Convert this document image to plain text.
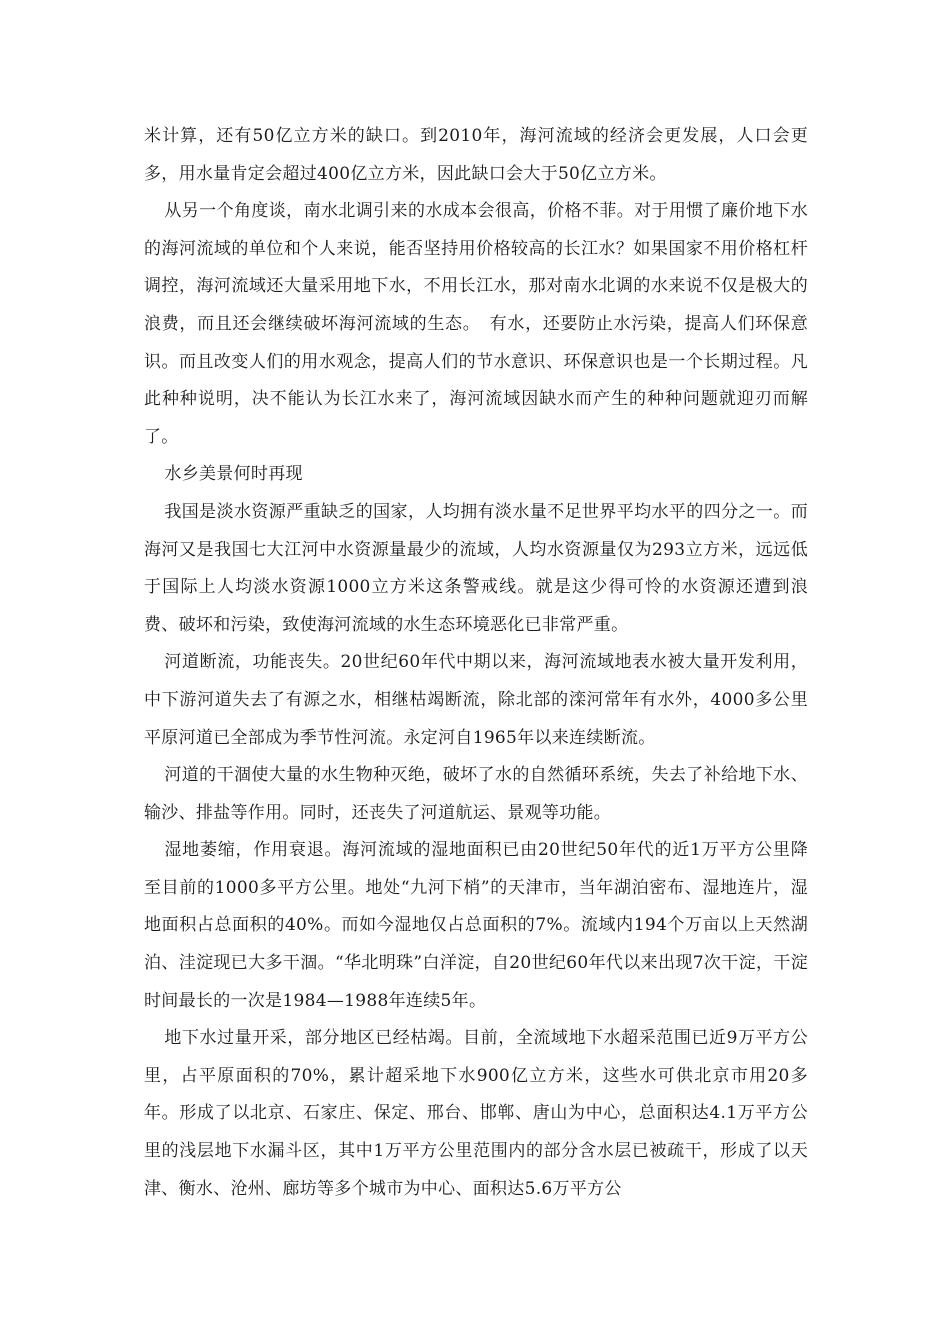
米计算，还有50亿立方米的缺口。到2010年，海河流域的经济会更发展，人口会更多，用水量肯定会超过400亿立方米，因此缺口会大于50亿立方米。

从另一个角度谈，南水北调引来的水成本会很高，价格不菲。对于用惯了廉价地下水的海河流域的单位和个人来说，能否坚持用价格较高的长江水？如果国家不用价格杠杆调控，海河流域还大量采用地下水，不用长江水，那对南水北调的水来说不仅是极大的浪费，而且还会继续破坏海河流域的生态。　有水，还要防止水污染，提高人们环保意识。而且改变人们的用水观念，提高人们的节水意识、环保意识也是一个长期过程。凡此种种说明，决不能认为长江水来了，海河流域因缺水而产生的种种问题就迎刃而解了。

水乡美景何时再现

我国是淡水资源严重缺乏的国家，人均拥有淡水量不足世界平均水平的四分之一。而海河又是我国七大江河中水资源量最少的流域，人均水资源量仅为293立方米，远远低于国际上人均淡水资源1000立方米这条警戒线。就是这少得可怜的水资源还遭到浪费、破坏和污染，致使海河流域的水生态环境恶化已非常严重。

河道断流，功能丧失。20世纪60年代中期以来，海河流域地表水被大量开发利用，中下游河道失去了有源之水，相继枯竭断流，除北部的滦河常年有水外，4000多公里平原河道已全部成为季节性河流。永定河自1965年以来连续断流。

河道的干涸使大量的水生物种灭绝，破坏了水的自然循环系统，失去了补给地下水、输沙、排盐等作用。同时，还丧失了河道航运、景观等功能。

湿地萎缩，作用衰退。海河流域的湿地面积已由20世纪50年代的近1万平方公里降至目前的1000多平方公里。地处“九河下梢”的天津市，当年湖泊密布、湿地连片，湿地面积占总面积的40%。而如今湿地仅占总面积的7%。流域内194个万亩以上天然湖泊、洼淀现已大多干涸。“华北明珠”白洋淀，自20世纪60年代以来出现7次干淀，干淀时间最长的一次是1984—1988年连续5年。

地下水过量开采，部分地区已经枯竭。目前，全流域地下水超采范围已近9万平方公里，占平原面积的70%，累计超采地下水900亿立方米，这些水可供北京市用20多年。形成了以北京、石家庄、保定、邢台、邯郸、唐山为中心，总面积达4.1万平方公里的浅层地下水漏斗区，其中1万平方公里范围内的部分含水层已被疏干，形成了以天津、衡水、沧州、廊坊等多个城市为中心、面积达5.6万平方公
